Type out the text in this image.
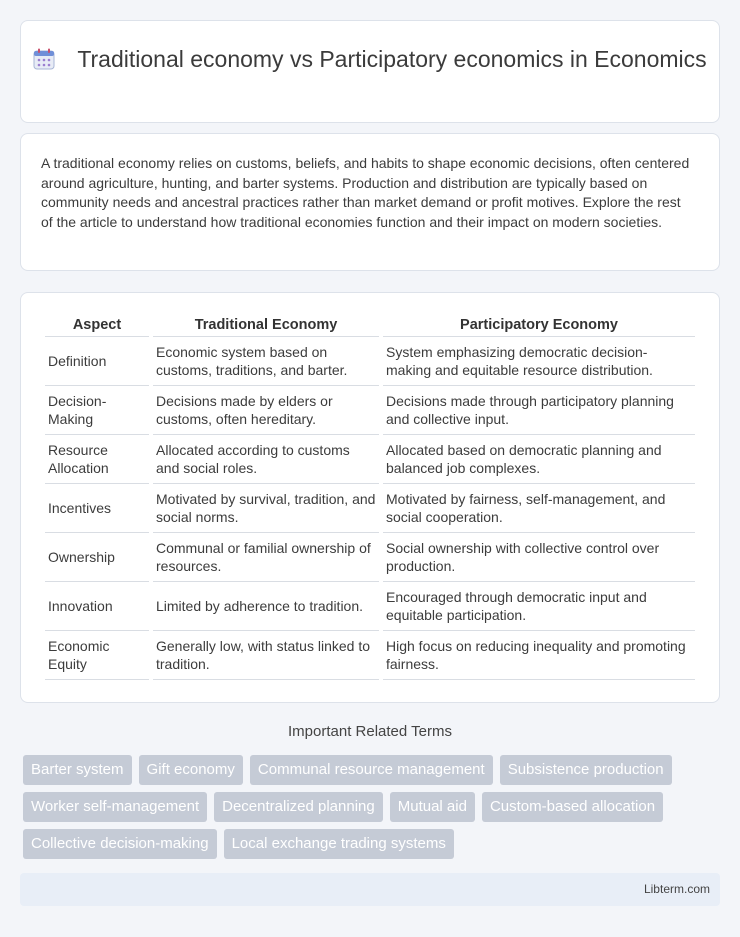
Traditional economy vs Participatory economics in Economics

A traditional economy relies on customs, beliefs, and habits to shape economic decisions, often centered around agriculture, hunting, and barter systems. Production and distribution are typically based on community needs and ancestral practices rather than market demand or profit motives. Explore the rest of the article to understand how traditional economies function and their impact on modern societies.

Aspect	Traditional Economy	Participatory Economy
Definition	Economic system based on customs, traditions, and barter.	System emphasizing democratic decision-making and equitable resource distribution.
Decision-Making	Decisions made by elders or customs, often hereditary.	Decisions made through participatory planning and collective input.
Resource Allocation	Allocated according to customs and social roles.	Allocated based on democratic planning and balanced job complexes.
Incentives	Motivated by survival, tradition, and social norms.	Motivated by fairness, self-management, and social cooperation.
Ownership	Communal or familial ownership of resources.	Social ownership with collective control over production.
Innovation	Limited by adherence to tradition.	Encouraged through democratic input and equitable participation.
Economic Equity	Generally low, with status linked to tradition.	High focus on reducing inequality and promoting fairness.
Important Related Terms
Barter system	Gift economy	Communal resource management	Subsistence production
Worker self-management	Decentralized planning	Mutual aid	Custom-based allocation
Collective decision-making	Local exchange trading systems
Libterm.com
